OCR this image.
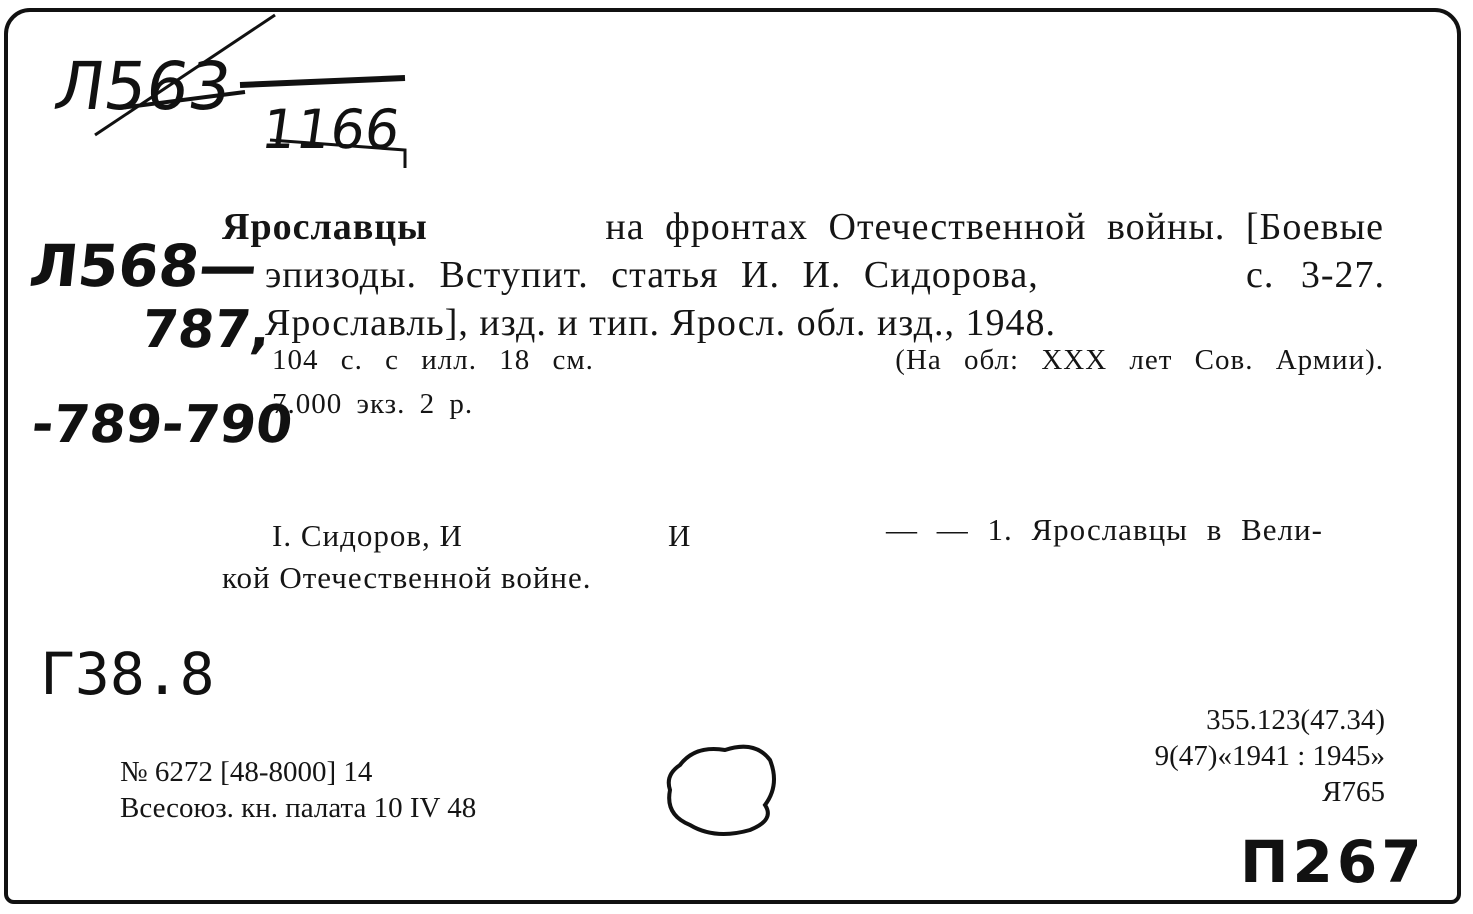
Л563
1166
Л568—
787,
-789-790
Ярославцы	на фронтах Отечественной войны. [Боевые
эпизоды. Вступит. статья И. И. Сидорова,	с. 3-27.
Ярославль], изд. и тип. Яросл. обл. изд., 1948.
104 с. с илл. 18 см.	(На обл: XXX лет Сов. Армии).
7.000 экз. 2 р.
I. Сидоров, И	И	— — 1. Ярославцы в Вели-
кой Отечественной войне.
Г38.8
№ 6272 [48-8000] 14
Всесоюз. кн. палата 10 IV 48
355.123(47.34)
9(47)«1941 : 1945»
Я765
П267
